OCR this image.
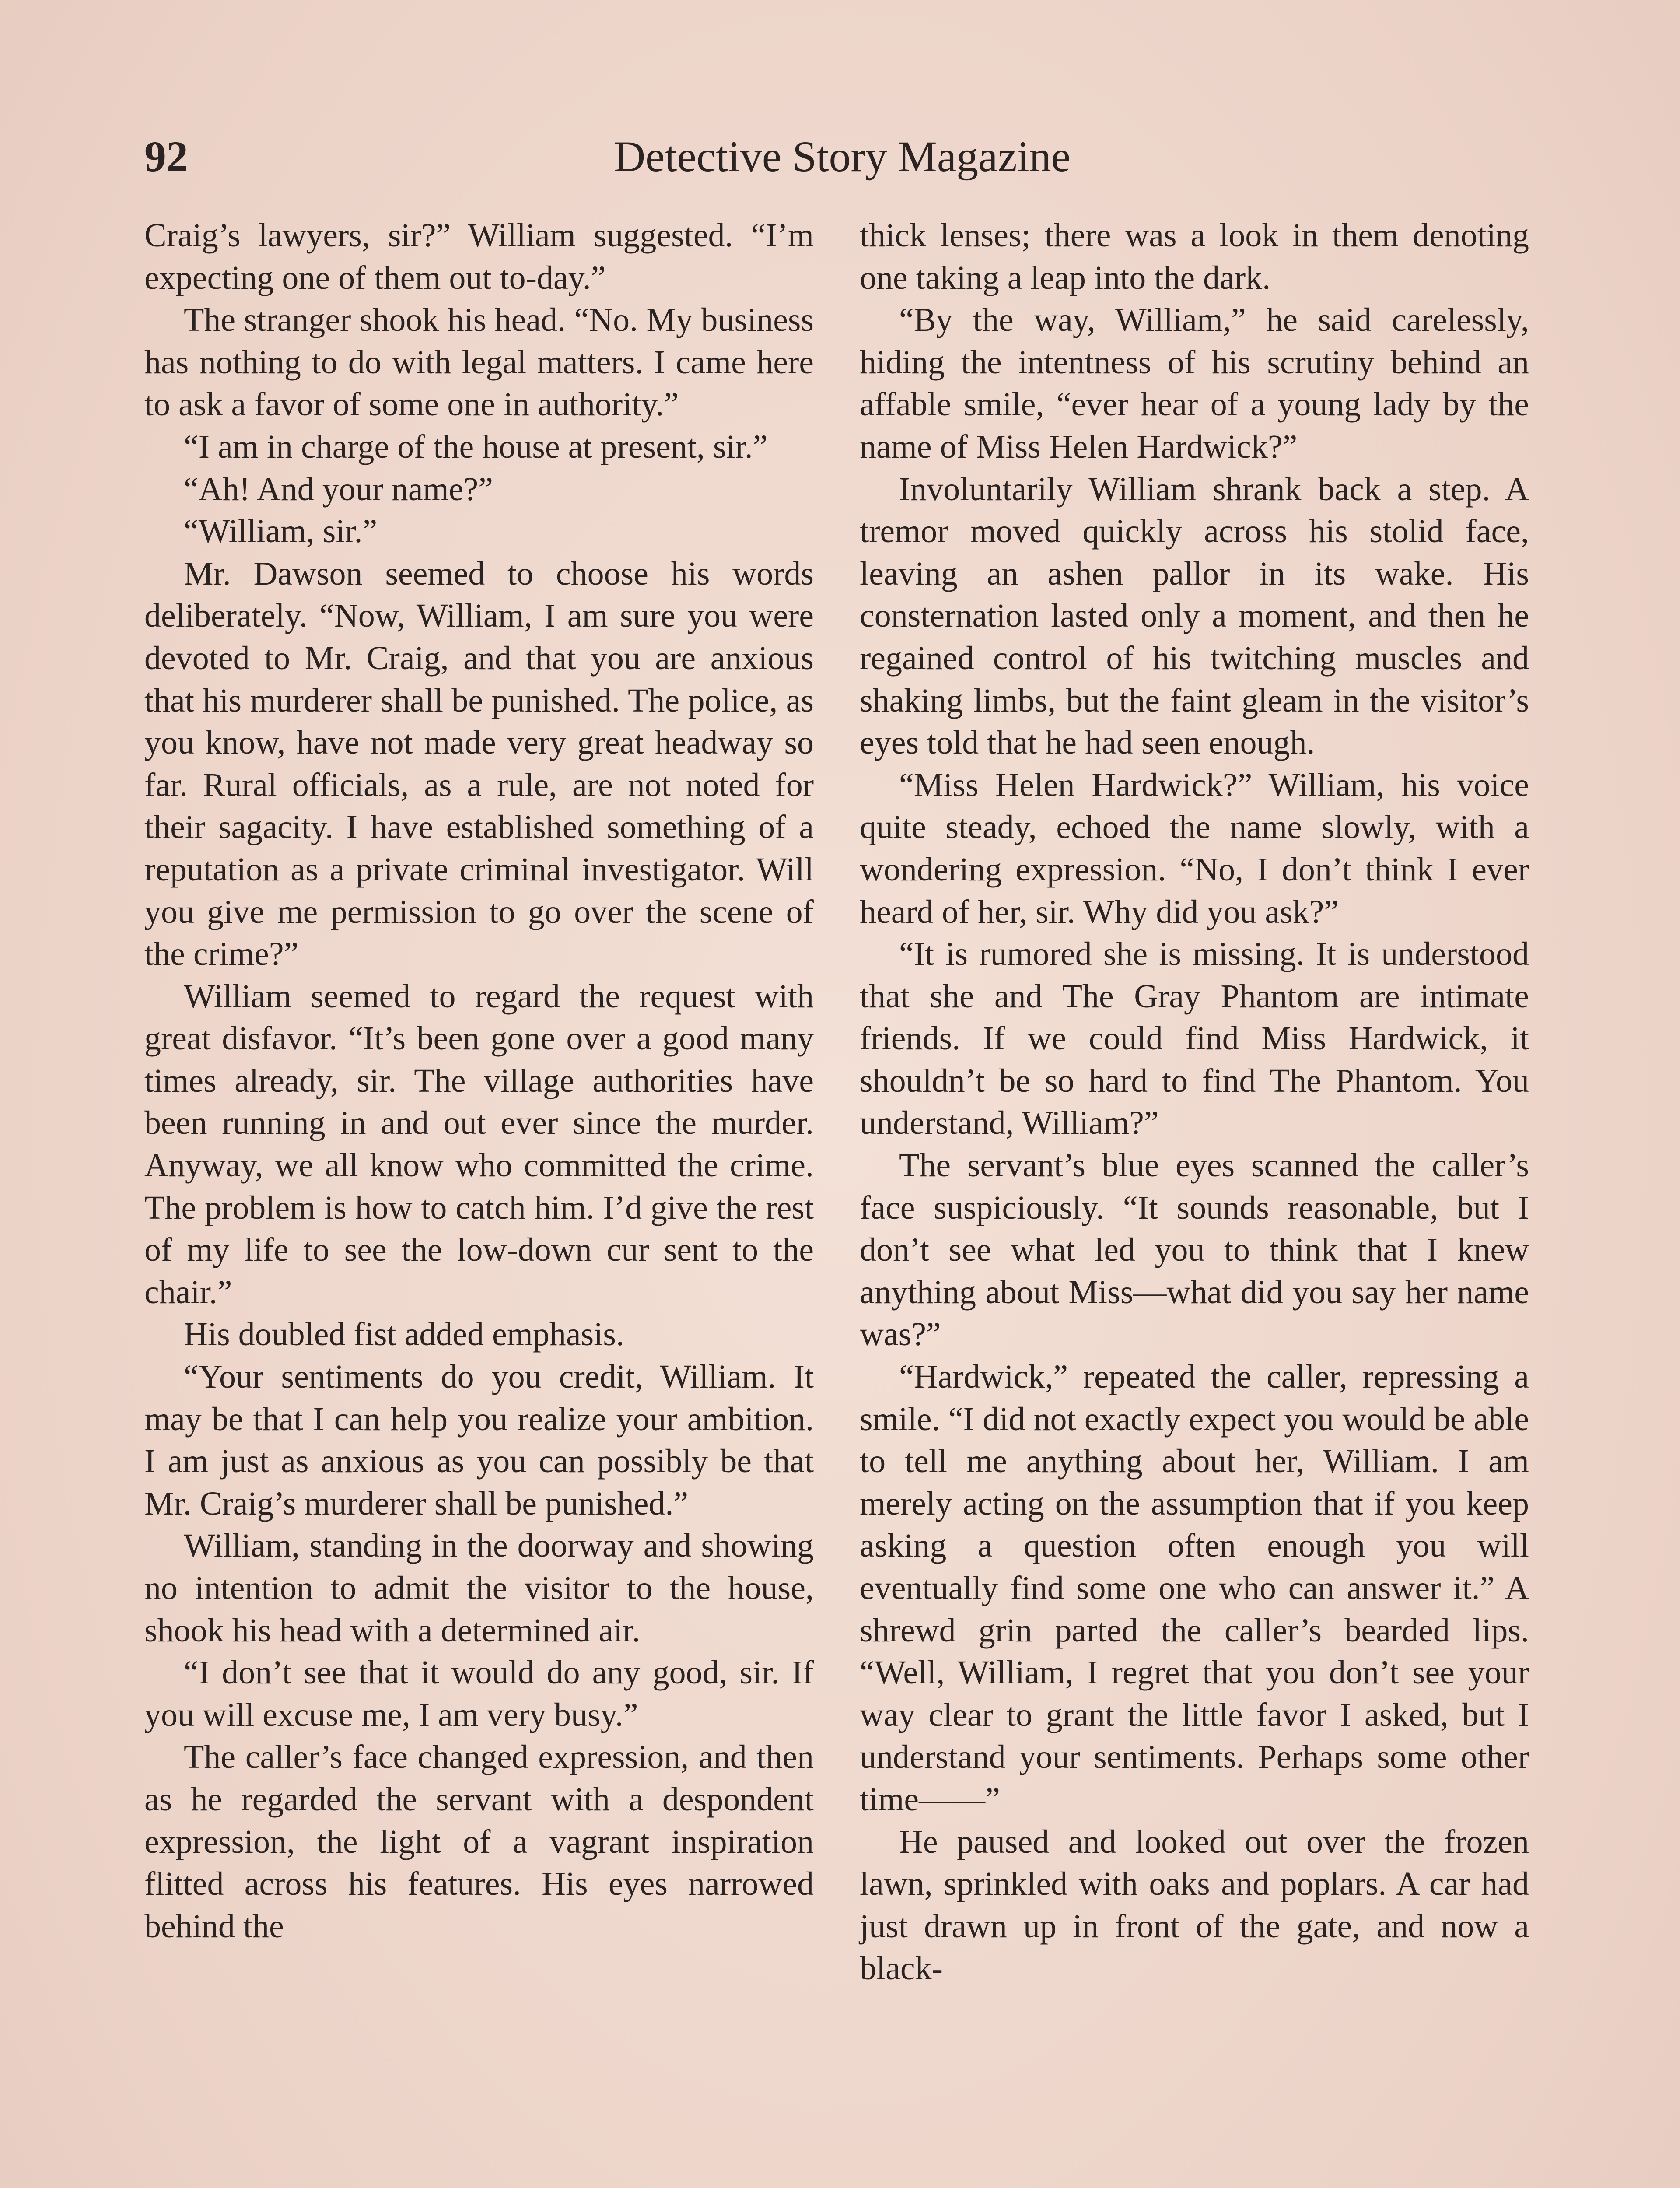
92	Detective Story Magazine

Craig’s lawyers, sir?” William suggested. “I’m expecting one of them out to-day.”

The stranger shook his head. “No. My business has nothing to do with legal matters. I came here to ask a favor of some one in authority.”

“I am in charge of the house at present, sir.”

“Ah! And your name?”

“William, sir.”

Mr. Dawson seemed to choose his words deliberately. “Now, William, I am sure you were devoted to Mr. Craig, and that you are anxious that his murderer shall be punished. The police, as you know, have not made very great headway so far. Rural officials, as a rule, are not noted for their sagacity. I have established something of a reputation as a private criminal investigator. Will you give me permission to go over the scene of the crime?”

William seemed to regard the request with great disfavor. “It’s been gone over a good many times already, sir. The village authorities have been running in and out ever since the murder. Anyway, we all know who committed the crime. The problem is how to catch him. I’d give the rest of my life to see the low-down cur sent to the chair.”

His doubled fist added emphasis.

“Your sentiments do you credit, William. It may be that I can help you realize your ambition. I am just as anxious as you can possibly be that Mr. Craig’s murderer shall be punished.”

William, standing in the doorway and showing no intention to admit the visitor to the house, shook his head with a determined air.

“I don’t see that it would do any good, sir. If you will excuse me, I am very busy.”

The caller’s face changed expression, and then as he regarded the servant with a despondent expression, the light of a vagrant inspiration flitted across his features. His eyes narrowed behind the

thick lenses; there was a look in them denoting one taking a leap into the dark.

“By the way, William,” he said carelessly, hiding the intentness of his scrutiny behind an affable smile, “ever hear of a young lady by the name of Miss Helen Hardwick?”

Involuntarily William shrank back a step. A tremor moved quickly across his stolid face, leaving an ashen pallor in its wake. His consternation lasted only a moment, and then he regained control of his twitching muscles and shaking limbs, but the faint gleam in the visitor’s eyes told that he had seen enough.

“Miss Helen Hardwick?” William, his voice quite steady, echoed the name slowly, with a wondering expression. “No, I don’t think I ever heard of her, sir. Why did you ask?”

“It is rumored she is missing. It is understood that she and The Gray Phantom are intimate friends. If we could find Miss Hardwick, it shouldn’t be so hard to find The Phantom. You understand, William?”

The servant’s blue eyes scanned the caller’s face suspiciously. “It sounds reasonable, but I don’t see what led you to think that I knew anything about Miss—what did you say her name was?”

“Hardwick,” repeated the caller, repressing a smile. “I did not exactly expect you would be able to tell me anything about her, William. I am merely acting on the assumption that if you keep asking a question often enough you will eventually find some one who can answer it.” A shrewd grin parted the caller’s bearded lips. “Well, William, I regret that you don’t see your way clear to grant the little favor I asked, but I understand your sentiments. Perhaps some other time——”

He paused and looked out over the frozen lawn, sprinkled with oaks and poplars. A car had just drawn up in front of the gate, and now a black-
